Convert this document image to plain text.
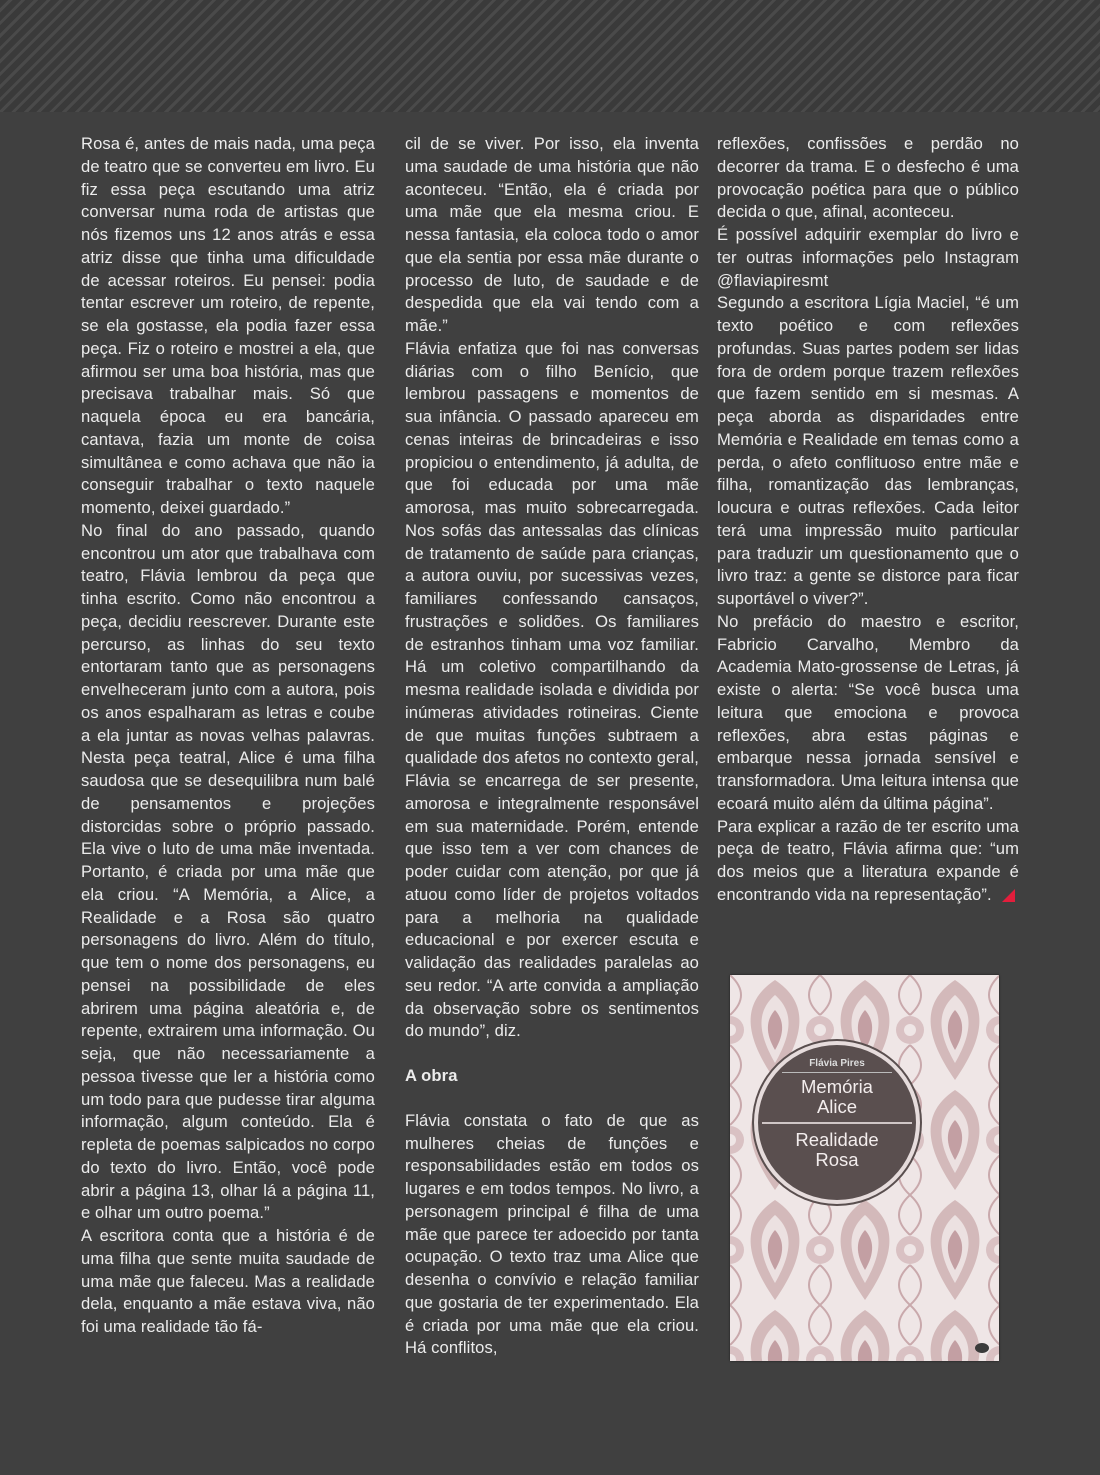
Rosa é, antes de mais nada, uma peça de teatro que se converteu em livro. Eu fiz essa peça escutando uma atriz conversar numa roda de artistas que nós fizemos uns 12 anos atrás e essa atriz disse que tinha uma dificuldade de acessar roteiros. Eu pensei: podia tentar escrever um roteiro, de repente, se ela gostasse, ela podia fazer essa peça. Fiz o roteiro e mostrei a ela, que afirmou ser uma boa história, mas que precisava trabalhar mais. Só que naquela época eu era bancária, cantava, fazia um monte de coisa simultânea e como achava que não ia conseguir trabalhar o texto naquele momento, deixei guardado.”

No final do ano passado, quando encontrou um ator que trabalhava com teatro, Flávia lembrou da peça que tinha escrito. Como não encontrou a peça, decidiu reescrever. Durante este percurso, as linhas do seu texto entortaram tanto que as personagens envelheceram junto com a autora, pois os anos espalharam as letras e coube a ela juntar as novas velhas palavras. Nesta peça teatral, Alice é uma filha saudosa que se desequilibra num balé de pensamentos e projeções distorcidas sobre o próprio passado. Ela vive o luto de uma mãe inventada. Portanto, é criada por uma mãe que ela criou. “A Memória, a Alice, a Realidade e a Rosa são quatro personagens do livro. Além do título, que tem o nome dos personagens, eu pensei na possibilidade de eles abrirem uma página aleatória e, de repente, extrairem uma informação. Ou seja, que não necessariamente a pessoa tivesse que ler a história como um todo para que pudesse tirar alguma informação, algum conteúdo. Ela é repleta de poemas salpicados no corpo do texto do livro. Então, você pode abrir a página 13, olhar lá a página 11, e olhar um outro poema.”

A escritora conta que a história é de uma filha que sente muita saudade de uma mãe que faleceu. Mas a realidade dela, enquanto a mãe estava viva, não foi uma realidade tão fá-

cil de se viver. Por isso, ela inventa uma saudade de uma história que não aconteceu. “Então, ela é criada por uma mãe que ela mesma criou. E nessa fantasia, ela coloca todo o amor que ela sentia por essa mãe durante o processo de luto, de saudade e de despedida que ela vai tendo com a mãe.”

Flávia enfatiza que foi nas conversas diárias com o filho Benício, que lembrou passagens e momentos de sua infância. O passado apareceu em cenas inteiras de brincadeiras e isso propiciou o entendimento, já adulta, de que foi educada por uma mãe amorosa, mas muito sobrecarregada. Nos sofás das antessalas das clínicas de tratamento de saúde para crianças, a autora ouviu, por sucessivas vezes, familiares confessando cansaços, frustrações e solidões. Os familiares de estranhos tinham uma voz familiar. Há um coletivo compartilhando da mesma realidade isolada e dividida por inúmeras atividades rotineiras. Ciente de que muitas funções subtraem a qualidade dos afetos no contexto geral, Flávia se encarrega de ser presente, amorosa e integralmente responsável em sua maternidade. Porém, entende que isso tem a ver com chances de poder cuidar com atenção, por que já atuou como líder de projetos voltados para a melhoria na qualidade educacional e por exercer escuta e validação das realidades paralelas ao seu redor. “A arte convida a ampliação da observação sobre os sentimentos do mundo”, diz.

A obra

Flávia constata o fato de que as mulheres cheias de funções e responsabilidades estão em todos os lugares e em todos tempos. No livro, a personagem principal é filha de uma mãe que parece ter adoecido por tanta ocupação. O texto traz uma Alice que desenha o convívio e relação familiar que gostaria de ter experimentado. Ela é criada por uma mãe que ela criou. Há conflitos,

reflexões, confissões e perdão no decorrer da trama. E o desfecho é uma provocação poética para que o público decida o que, afinal, aconteceu.

É possível adquirir exemplar do livro e ter outras informações pelo Instagram @flaviapiresmt

Segundo a escritora Lígia Maciel, “é um texto poético e com reflexões profundas. Suas partes podem ser lidas fora de ordem porque trazem reflexões que fazem sentido em si mesmas. A peça aborda as disparidades entre Memória e Realidade em temas como a perda, o afeto conflituoso entre mãe e filha, romantização das lembranças, loucura e outras reflexões. Cada leitor terá uma impressão muito particular para traduzir um questionamento que o livro traz: a gente se distorce para ficar suportável o viver?”.

No prefácio do maestro e escritor, Fabricio Carvalho, Membro da Academia Mato-grossense de Letras, já existe o alerta: “Se você busca uma leitura que emociona e provoca reflexões, abra estas páginas e embarque nessa jornada sensível e transformadora. Uma leitura intensa que ecoará muito além da última página”.

Para explicar a razão de ter escrito uma peça de teatro, Flávia afirma que: “um dos meios que a literatura expande é encontrando vida na representação”.

Flávia Pires
Memória
Alice
Realidade
Rosa
